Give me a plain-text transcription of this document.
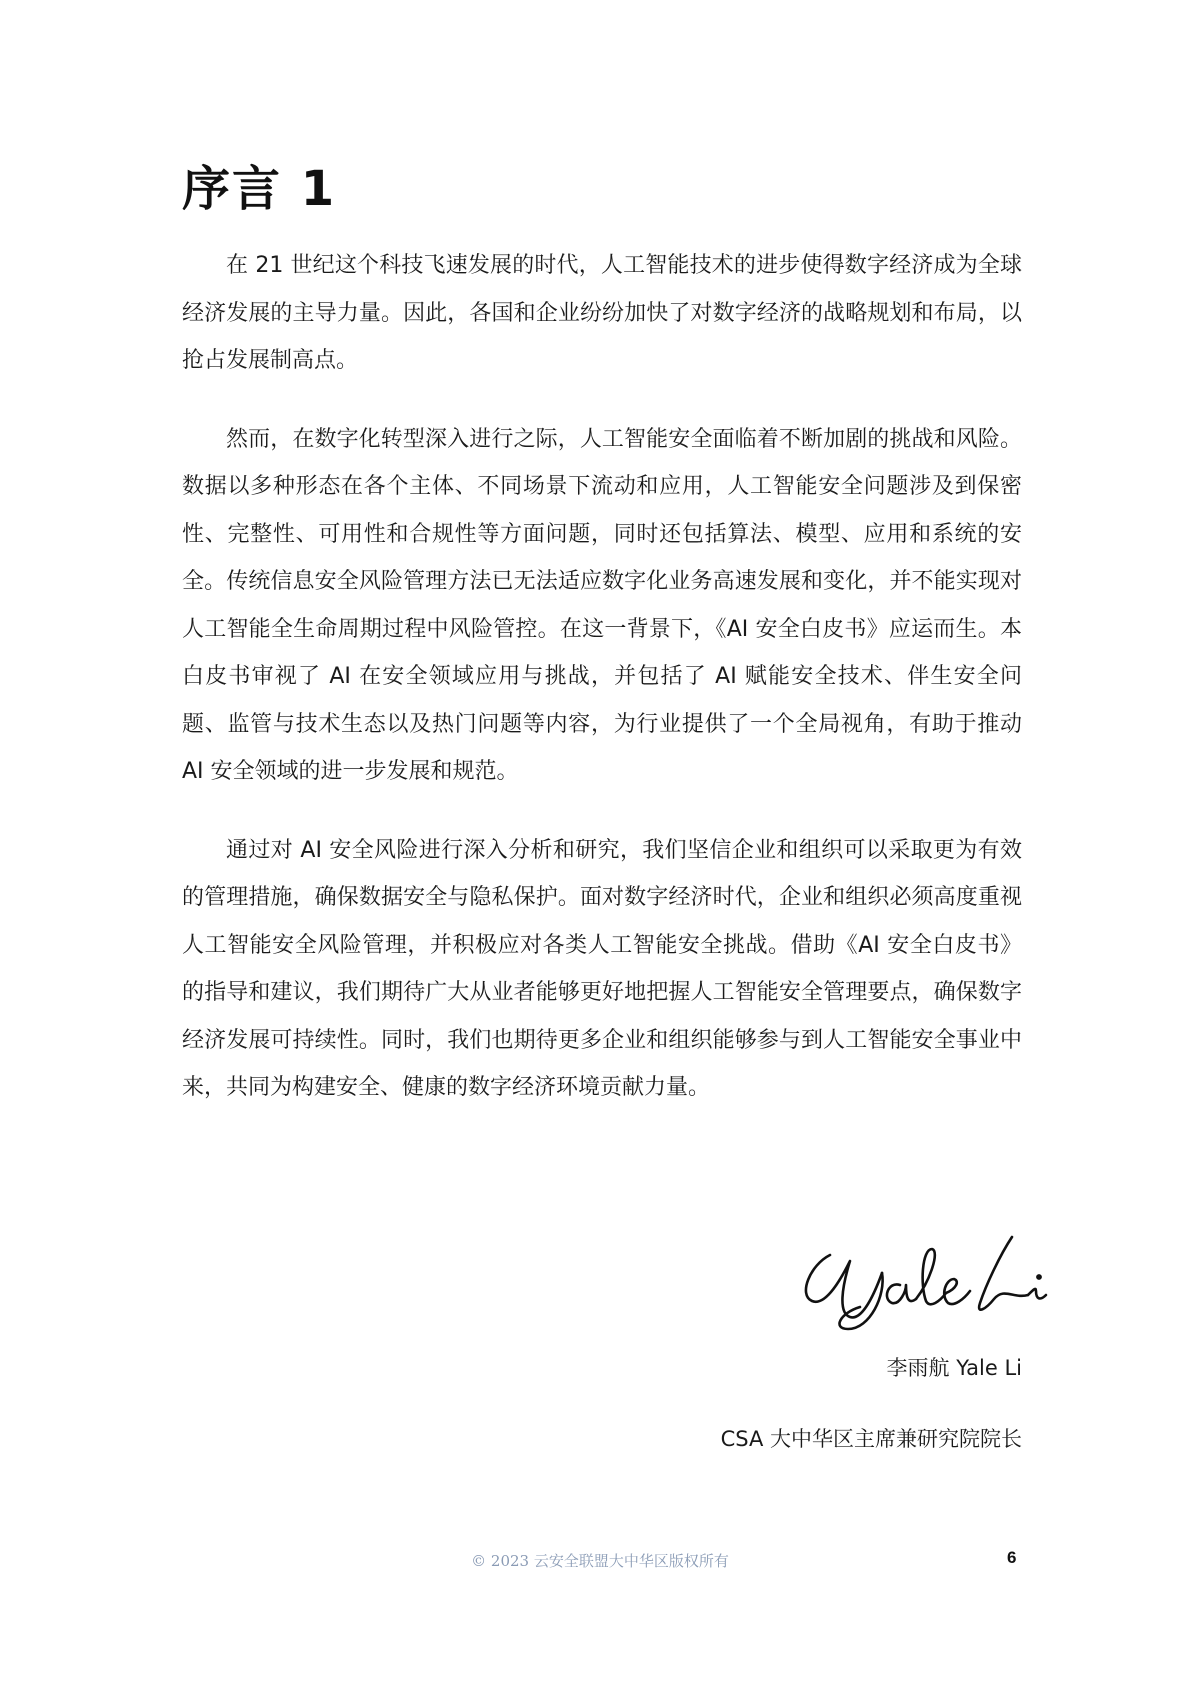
序言 1

在 21 世纪这个科技飞速发展的时代，人工智能技术的进步使得数字经济成为全球经济发展的主导力量。因此，各国和企业纷纷加快了对数字经济的战略规划和布局，以抢占发展制高点。

然而，在数字化转型深入进行之际，人工智能安全面临着不断加剧的挑战和风险。数据以多种形态在各个主体、不同场景下流动和应用，人工智能安全问题涉及到保密性、完整性、可用性和合规性等方面问题，同时还包括算法、模型、应用和系统的安全。传统信息安全风险管理方法已无法适应数字化业务高速发展和变化，并不能实现对人工智能全生命周期过程中风险管控。在这一背景下，《AI 安全白皮书》应运而生。本白皮书审视了 AI 在安全领域应用与挑战，并包括了 AI 赋能安全技术、伴生安全问题、监管与技术生态以及热门问题等内容，为行业提供了一个全局视角，有助于推动 AI 安全领域的进一步发展和规范。

通过对 AI 安全风险进行深入分析和研究，我们坚信企业和组织可以采取更为有效的管理措施，确保数据安全与隐私保护。面对数字经济时代，企业和组织必须高度重视人工智能安全风险管理，并积极应对各类人工智能安全挑战。借助《AI 安全白皮书》的指导和建议，我们期待广大从业者能够更好地把握人工智能安全管理要点，确保数字经济发展可持续性。同时，我们也期待更多企业和组织能够参与到人工智能安全事业中来，共同为构建安全、健康的数字经济环境贡献力量。

李雨航 Yale Li

CSA 大中华区主席兼研究院院长

© 2023 云安全联盟大中华区版权所有	6
